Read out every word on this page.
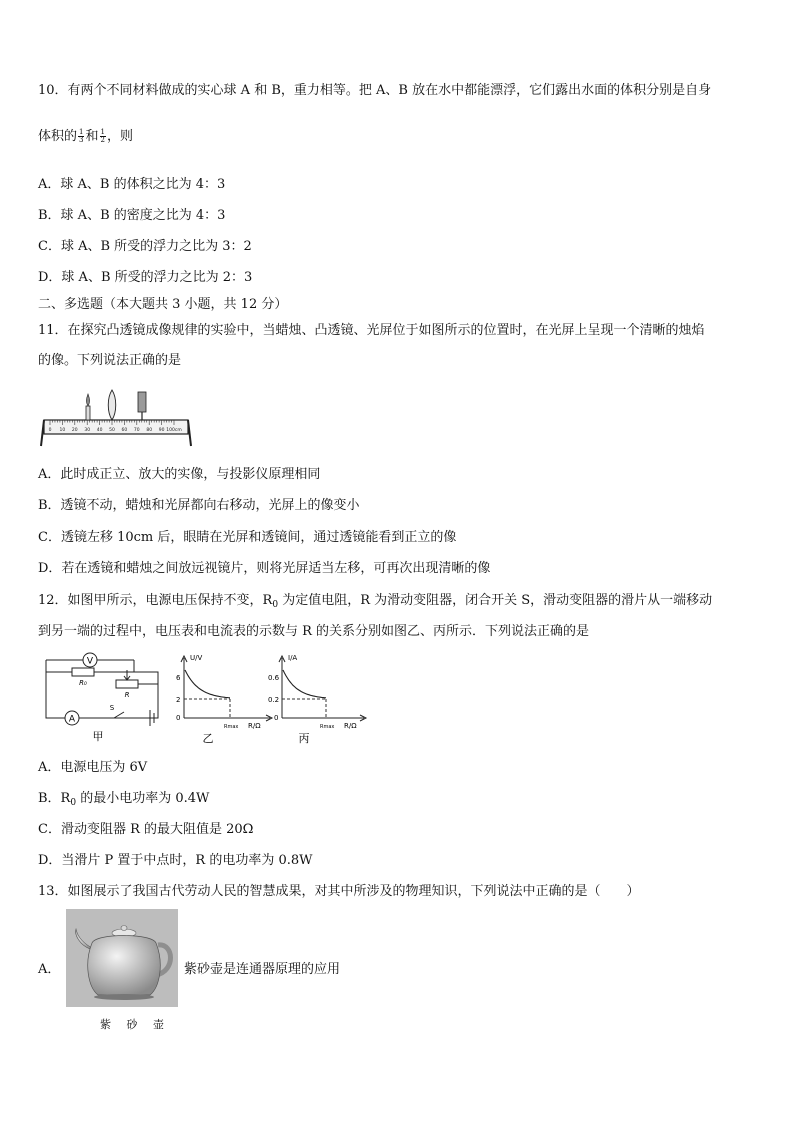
10．有两个不同材料做成的实心球 A 和 B，重力相等。把 A、B 放在水中都能漂浮，它们露出水面的体积分别是自身
体积的 $\frac{1}{3}$ 和 $\frac{1}{2}$ ，则
A．球 A、B 的体积之比为 4：3
B．球 A、B 的密度之比为 4：3
C．球 A、B 所受的浮力之比为 3：2
D．球 A、B 所受的浮力之比为 2：3
二、多选题（本大题共 3 小题，共 12 分）
11．在探究凸透镜成像规律的实验中，当蜡烛、凸透镜、光屏位于如图所示的位置时，在光屏上呈现一个清晰的烛焰
的像。下列说法正确的是
0 10 20 30 40 50 60 70 80 90 100cm
A．此时成正立、放大的实像，与投影仪原理相同
B．透镜不动，蜡烛和光屏都向右移动，光屏上的像变小
C．透镜左移 10cm 后，眼睛在光屏和透镜间，通过透镜能看到正立的像
D．若在透镜和蜡烛之间放远视镜片，则将光屏适当左移，可再次出现清晰的像
12．如图甲所示，电源电压保持不变，$R_0$ 为定值电阻，R 为滑动变阻器，闭合开关 S，滑动变阻器的滑片从一端移动
到另一端的过程中，电压表和电流表的示数与 R 的关系分别如图乙、丙所示．下列说法正确的是
V
A
R₀
R
S
甲
U/V
6
2
0
Rmax R/Ω
乙
I/A
0.6
0.2
0
Rmax R/Ω
丙
A．电源电压为 6V
B．$R_0$ 的最小电功率为 0.4W
C．滑动变阻器 R 的最大阻值是 20Ω
D．当滑片 P 置于中点时，R 的电功率为 0.8W
13．如图展示了我国古代劳动人民的智慧成果，对其中所涉及的物理知识，下列说法中正确的是（　　）
A．
紫 砂 壶
紫砂壶是连通器原理的应用
